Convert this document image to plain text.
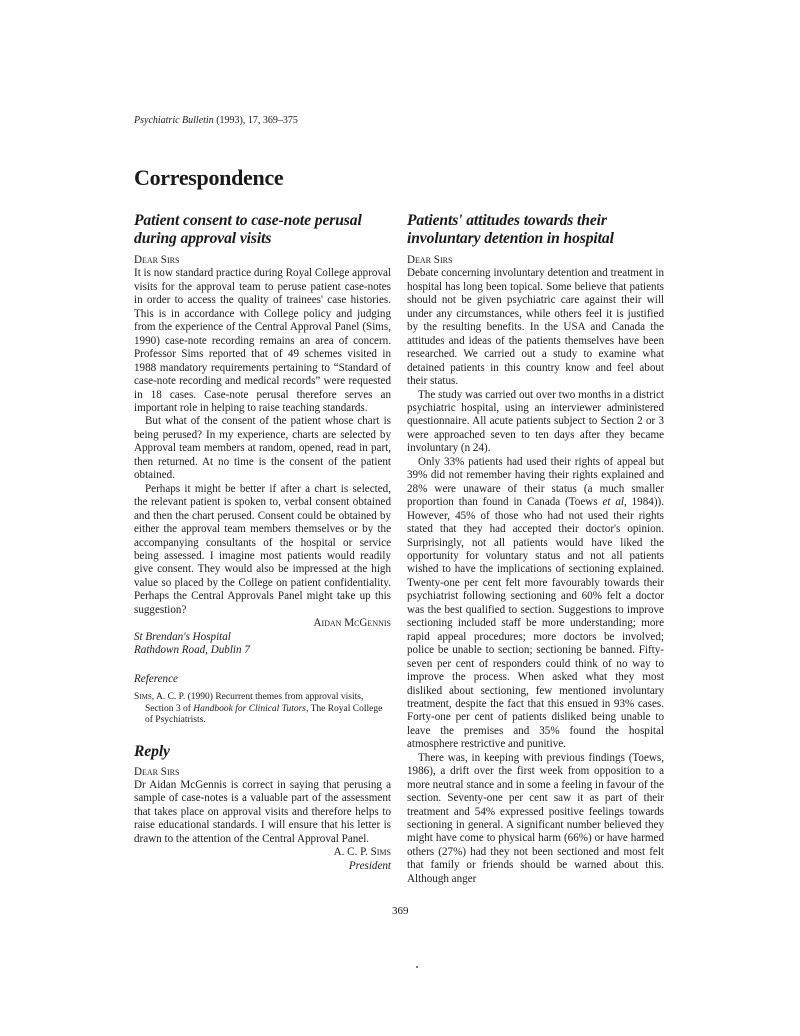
Psychiatric Bulletin (1993), 17, 369–375
Correspondence
Patient consent to case-note perusal during approval visits

Dear Sirs

It is now standard practice during Royal College approval visits for the approval team to peruse patient case-notes in order to access the quality of trainees' case histories. This is in accordance with College policy and judging from the experience of the Central Approval Panel (Sims, 1990) case-note recording remains an area of concern. Professor Sims reported that of 49 schemes visited in 1988 mandatory requirements pertaining to “Standard of case-note recording and medical records” were requested in 18 cases. Case-note perusal therefore serves an important role in helping to raise teaching standards.

But what of the consent of the patient whose chart is being perused? In my experience, charts are selected by Approval team members at random, opened, read in part, then returned. At no time is the consent of the patient obtained.

Perhaps it might be better if after a chart is selected, the relevant patient is spoken to, verbal consent obtained and then the chart perused. Consent could be obtained by either the approval team members themselves or by the accompanying consultants of the hospital or service being assessed. I imagine most patients would readily give consent. They would also be impressed at the high value so placed by the College on patient confidentiality. Perhaps the Central Approvals Panel might take up this suggestion?

Aidan McGennis

St Brendan's Hospital

Rathdown Road, Dublin 7

Reference

Sims, A. C. P. (1990) Recurrent themes from approval visits, Section 3 of Handbook for Clinical Tutors, The Royal College of Psychiatrists.

Reply

Dear Sirs

Dr Aidan McGennis is correct in saying that perusing a sample of case-notes is a valuable part of the assessment that takes place on approval visits and therefore helps to raise educational standards. I will ensure that his letter is drawn to the attention of the Central Approval Panel.

A. C. P. Sims

President

Patients' attitudes towards their involuntary detention in hospital

Dear Sirs

Debate concerning involuntary detention and treatment in hospital has long been topical. Some believe that patients should not be given psychiatric care against their will under any circumstances, while others feel it is justified by the resulting benefits. In the USA and Canada the attitudes and ideas of the patients themselves have been researched. We carried out a study to examine what detained patients in this country know and feel about their status.

The study was carried out over two months in a district psychiatric hospital, using an interviewer administered questionnaire. All acute patients subject to Section 2 or 3 were approached seven to ten days after they became involuntary (n 24).

Only 33% patients had used their rights of appeal but 39% did not remember having their rights explained and 28% were unaware of their status (a much smaller proportion than found in Canada (Toews et al, 1984)). However, 45% of those who had not used their rights stated that they had accepted their doctor's opinion. Surprisingly, not all patients would have liked the opportunity for voluntary status and not all patients wished to have the implications of sectioning explained. Twenty-one per cent felt more favourably towards their psychiatrist following sectioning and 60% felt a doctor was the best qualified to section. Suggestions to improve sectioning included staff be more understanding; more rapid appeal procedures; more doctors be involved; police be unable to section; sectioning be banned. Fifty-seven per cent of responders could think of no way to improve the process. When asked what they most disliked about sectioning, few mentioned involuntary treatment, despite the fact that this ensued in 93% cases. Forty-one per cent of patients disliked being unable to leave the premises and 35% found the hospital atmosphere restrictive and punitive.

There was, in keeping with previous findings (Toews, 1986), a drift over the first week from opposition to a more neutral stance and in some a feeling in favour of the section. Seventy-one per cent saw it as part of their treatment and 54% expressed positive feelings towards sectioning in general. A significant number believed they might have come to physical harm (66%) or have harmed others (27%) had they not been sectioned and most felt that family or friends should be warned about this. Although anger

369
